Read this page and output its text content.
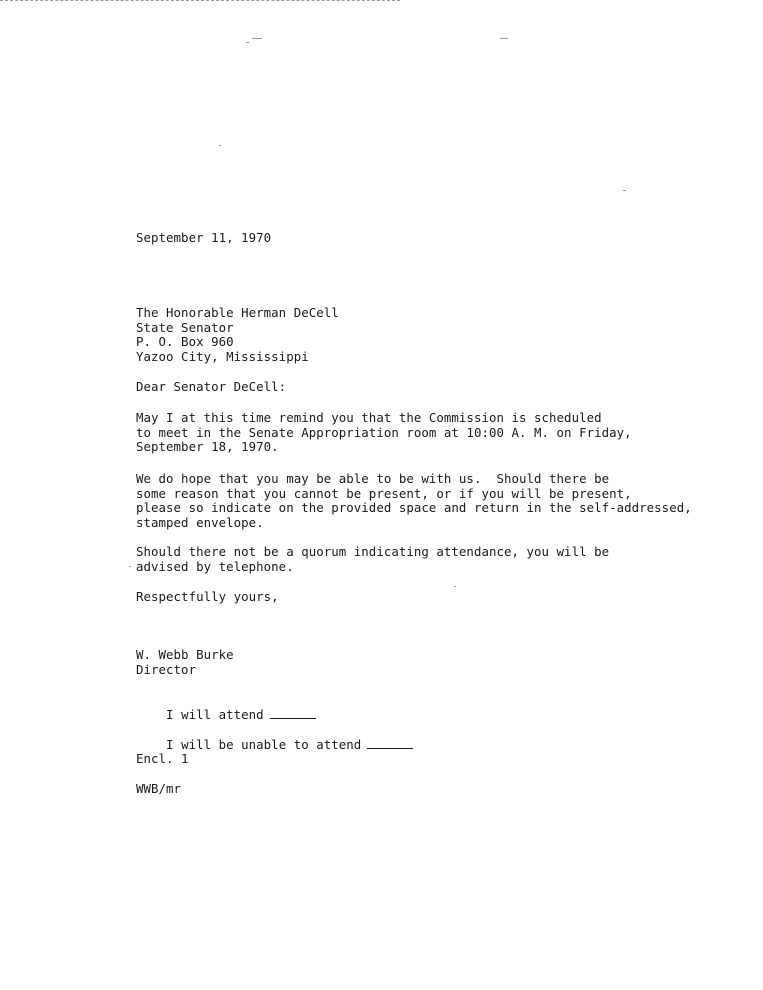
September 11, 1970
The Honorable Herman DeCell
State Senator
P. O. Box 960
Yazoo City, Mississippi
Dear Senator DeCell:
May I at this time remind you that the Commission is scheduled
to meet in the Senate Appropriation room at 10:00 A. M. on Friday,
September 18, 1970.
We do hope that you may be able to be with us.  Should there be
some reason that you cannot be present, or if you will be present,
please so indicate on the provided space and return in the self-addressed,
stamped envelope.
Should there not be a quorum indicating attendance, you will be
advised by telephone.
Respectfully yours,
W. Webb Burke
Director

I will attend

I will be unable to attend

Encl. 1
WWB/mr
